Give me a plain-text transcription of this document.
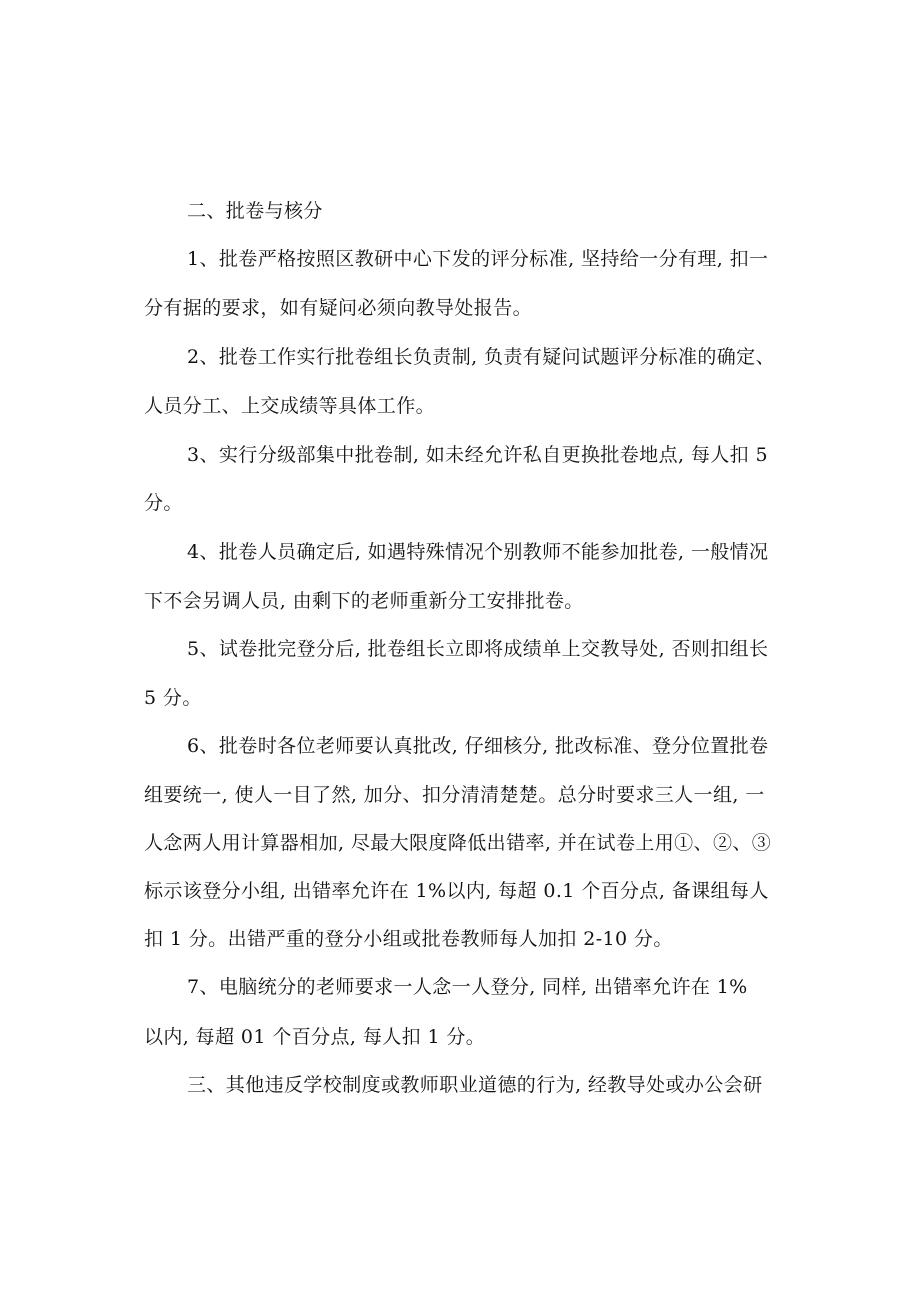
二、批卷与核分
1、批卷严格按照区教研中心下发的评分标准, 坚持给一分有理, 扣一
分有据的要求，如有疑问必须向教导处报告。
2、批卷工作实行批卷组长负责制, 负责有疑问试题评分标准的确定、
人员分工、上交成绩等具体工作。
3、实行分级部集中批卷制, 如未经允许私自更换批卷地点, 每人扣 5
分。
4、批卷人员确定后, 如遇特殊情况个别教师不能参加批卷, 一般情况
下不会另调人员, 由剩下的老师重新分工安排批卷。
5、试卷批完登分后, 批卷组长立即将成绩单上交教导处, 否则扣组长
5 分。
6、批卷时各位老师要认真批改, 仔细核分, 批改标准、登分位置批卷
组要统一, 使人一目了然, 加分、扣分清清楚楚。总分时要求三人一组, 一
人念两人用计算器相加, 尽最大限度降低出错率, 并在试卷上用①、②、③
标示该登分小组, 出错率允许在 1%以内, 每超 0.1 个百分点, 备课组每人
扣 1 分。出错严重的登分小组或批卷教师每人加扣 2-10 分。
7、电脑统分的老师要求一人念一人登分, 同样, 出错率允许在 1%
以内, 每超 01 个百分点, 每人扣 1 分。
三、其他违反学校制度或教师职业道德的行为, 经教导处或办公会研
